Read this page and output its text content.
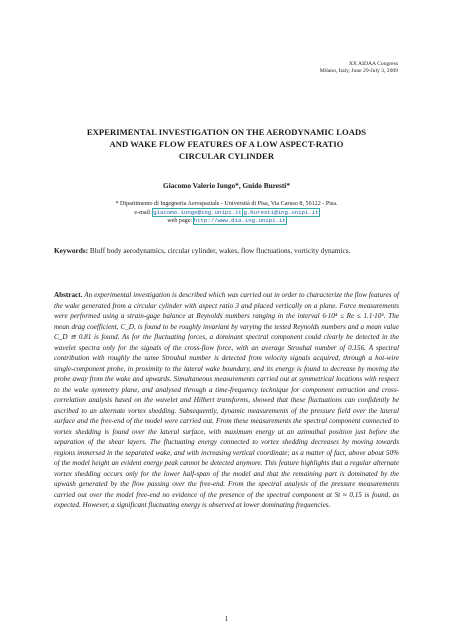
XX AIDAA Congress
Milano, Italy, June 29-July 3, 2009
EXPERIMENTAL INVESTIGATION ON THE AERODYNAMIC LOADS
AND WAKE FLOW FEATURES OF A LOW ASPECT-RATIO
CIRCULAR CYLINDER
Giacomo Valerio Iungo*, Guido Buresti*
* Dipartimento di Ingegneria Aerospaziale - Università di Pisa, Via Caruso 8, 56122 - Pisa.
e-mail: giacomo.iungo@ing.unipi.it,g.buresti@ing.unipi.it
web page: http://www.dia.ing.unipi.it
Keywords: Bluff body aerodynamics, circular cylinder, wakes, flow fluctuations, vorticity dynamics.
Abstract. An experimental investigation is described which was carried out in order to characterize the flow features of the wake generated from a circular cylinder with aspect ratio 3 and placed vertically on a plane. Force measurements were performed using a strain-gage balance at Reynolds numbers ranging in the interval 6·10⁴ ≤ Re ≤ 1.1·10⁵. The mean drag coefficient, C_D, is found to be roughly invariant by varying the tested Reynolds numbers and a mean value C_D ≅ 0.81 is found. As for the fluctuating forces, a dominant spectral component could clearly be detected in the wavelet spectra only for the signals of the cross-flow force, with an average Strouhal number of 0.156. A spectral contribution with roughly the same Strouhal number is detected from velocity signals acquired, through a hot-wire single-component probe, in proximity to the lateral wake boundary, and its energy is found to decrease by moving the probe away from the wake and upwards. Simultaneous measurements carried out at symmetrical locations with respect to the wake symmetry plane, and analysed through a time-frequency technique for component extraction and cross-correlation analysis based on the wavelet and Hilbert transforms, showed that these fluctuations can confidently be ascribed to an alternate vortex shedding. Subsequently, dynamic measurements of the pressure field over the lateral surface and the free-end of the model were carried out. From these measurements the spectral component connected to vortex shedding is found over the lateral surface, with maximum energy at an azimuthal position just before the separation of the shear layers. The fluctuating energy connected to vortex shedding decreases by moving towards regions immersed in the separated wake, and with increasing vertical coordinate; as a matter of fact, above about 50% of the model height an evident energy peak cannot be detected anymore. This feature highlights that a regular alternate vortex shedding occurs only for the lower half-span of the model and that the remaining part is dominated by the upwash generated by the flow passing over the free-end. From the spectral analysis of the pressure measurements carried out over the model free-end no evidence of the presence of the spectral component at St ≈ 0.15 is found, as expected. However, a significant fluctuating energy is observed at lower dominating frequencies.
1
